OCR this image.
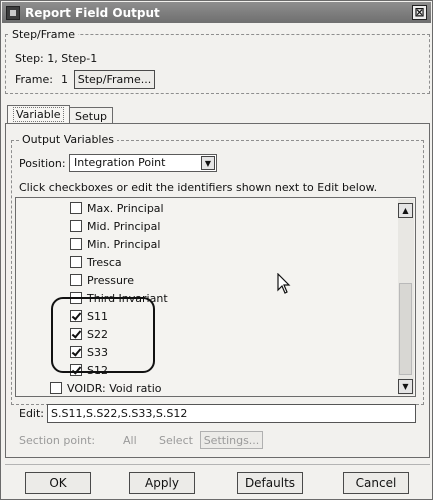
Report Field Output	⊠
Step/Frame
Step: 1, Step-1
Frame: 1 Step/Frame...
Variable	Setup
Output Variables
Position: Integration Point	▼
Click checkboxes or edit the identifiers shown next to Edit below.
Max. Principal
Mid. Principal
Min. Principal
Tresca
Pressure
Third Invariant
S11
S22
S33
S12
VOIDR: Void ratio
▲
▼
Edit: S.S11,S.S22,S.S33,S.S12
Section point:	All Select Settings...
OK	Apply	Defaults	Cancel
